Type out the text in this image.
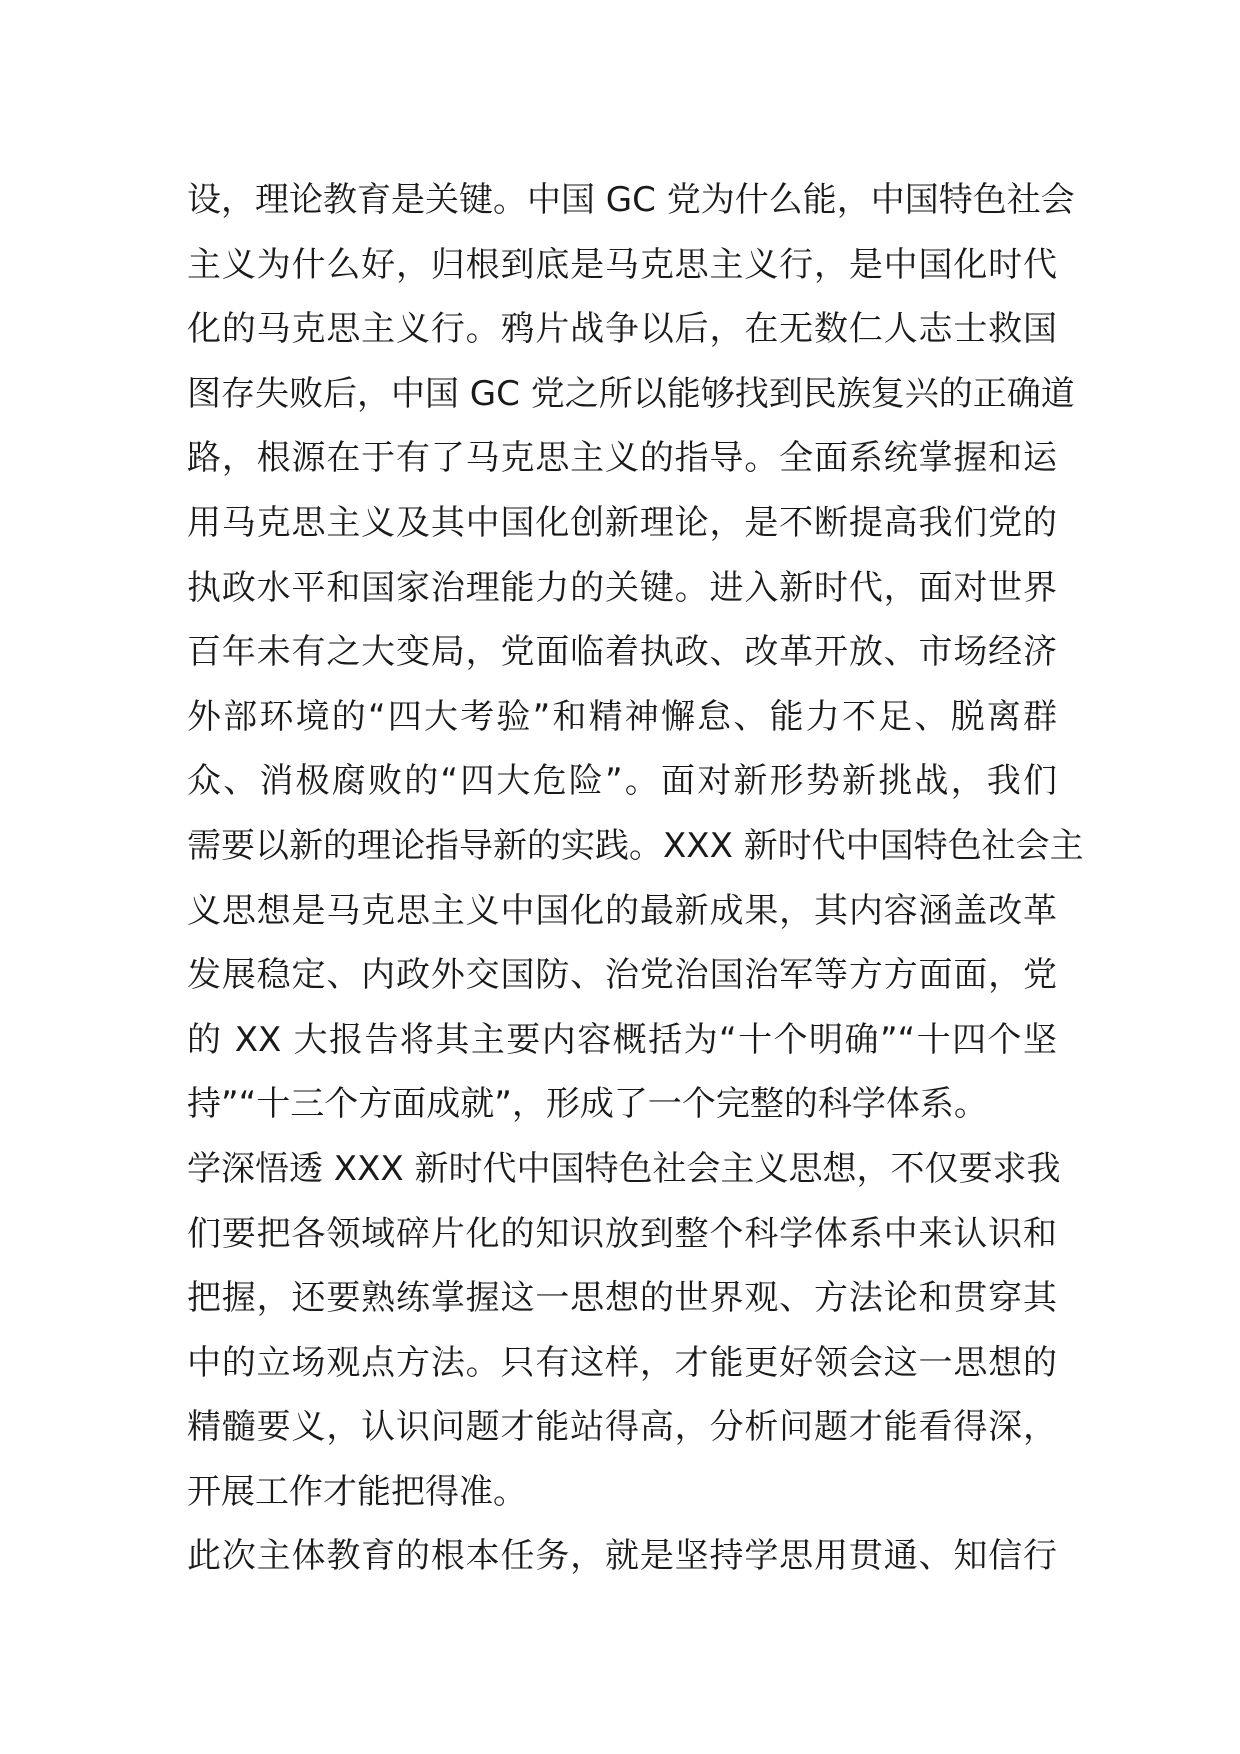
设，理论教育是关键。中国 GC 党为什么能，中国特色社会
主义为什么好，归根到底是马克思主义行，是中国化时代
化的马克思主义行。鸦片战争以后，在无数仁人志士救国
图存失败后，中国 GC 党之所以能够找到民族复兴的正确道
路，根源在于有了马克思主义的指导。全面系统掌握和运
用马克思主义及其中国化创新理论，是不断提高我们党的
执政水平和国家治理能力的关键。进入新时代，面对世界
百年未有之大变局，党面临着执政、改革开放、市场经济
外部环境的“四大考验”和精神懈怠、能力不足、脱离群
众、消极腐败的“四大危险”。面对新形势新挑战，我们
需要以新的理论指导新的实践。XXX 新时代中国特色社会主
义思想是马克思主义中国化的最新成果，其内容涵盖改革
发展稳定、内政外交国防、治党治国治军等方方面面，党
的 XX 大报告将其主要内容概括为“十个明确”“十四个坚
持”“十三个方面成就”，形成了一个完整的科学体系。
学深悟透 XXX 新时代中国特色社会主义思想，不仅要求我
们要把各领域碎片化的知识放到整个科学体系中来认识和
把握，还要熟练掌握这一思想的世界观、方法论和贯穿其
中的立场观点方法。只有这样，才能更好领会这一思想的
精髓要义，认识问题才能站得高，分析问题才能看得深，
开展工作才能把得准。
此次主体教育的根本任务，就是坚持学思用贯通、知信行
